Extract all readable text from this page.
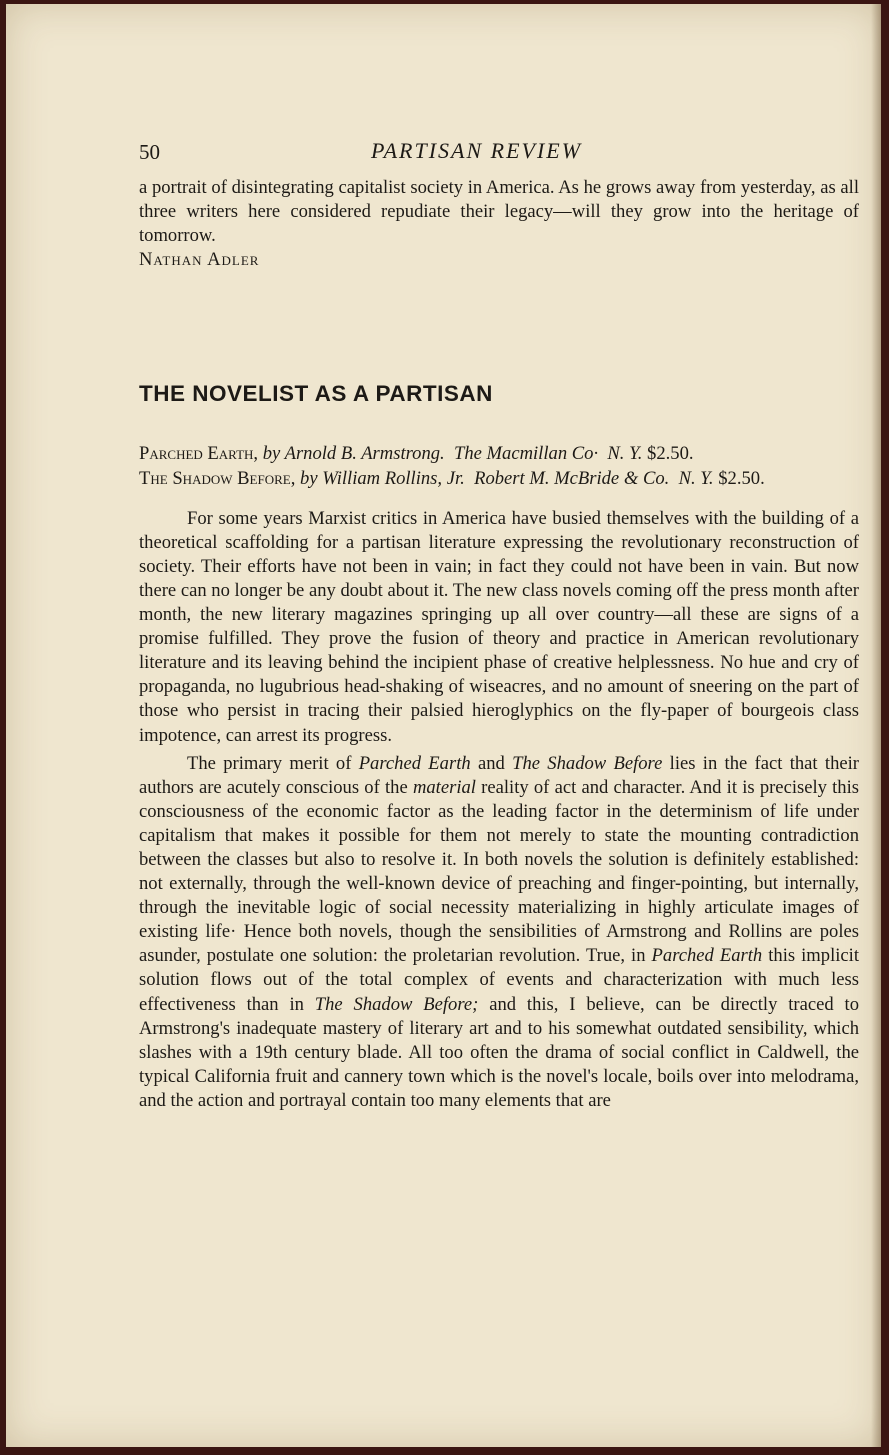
50	PARTISAN REVIEW

a portrait of disintegrating capitalist society in America. As he grows away from yesterday, as all three writers here considered repudiate their legacy—will they grow into the heritage of tomorrow.

Nathan Adler

THE NOVELIST AS A PARTISAN

Parched Earth, by Arnold B. Armstrong. The Macmillan Co· N. Y. $2.50.

The Shadow Before, by William Rollins, Jr. Robert M. McBride & Co. N. Y. $2.50.

For some years Marxist critics in America have busied themselves with the building of a theoretical scaffolding for a partisan literature expressing the revolutionary reconstruction of society. Their efforts have not been in vain; in fact they could not have been in vain. But now there can no longer be any doubt about it. The new class novels coming off the press month after month, the new literary magazines springing up all over country—all these are signs of a promise fulfilled. They prove the fusion of theory and practice in American revolutionary literature and its leaving behind the incipient phase of creative helplessness. No hue and cry of propaganda, no lugubrious head-shaking of wiseacres, and no amount of sneering on the part of those who persist in tracing their palsied hieroglyphics on the fly-paper of bourgeois class impotence, can arrest its progress.

The primary merit of Parched Earth and The Shadow Before lies in the fact that their authors are acutely conscious of the material reality of act and character. And it is precisely this consciousness of the economic factor as the leading factor in the determinism of life under capitalism that makes it possible for them not merely to state the mounting contradiction between the classes but also to resolve it. In both novels the solution is definitely established: not externally, through the well-known device of preaching and finger-pointing, but internally, through the inevitable logic of social necessity materializing in highly articulate images of existing life· Hence both novels, though the sensibilities of Armstrong and Rollins are poles asunder, postulate one solution: the proletarian revolution. True, in Parched Earth this implicit solution flows out of the total complex of events and characterization with much less effectiveness than in The Shadow Before; and this, I believe, can be directly traced to Armstrong's inadequate mastery of literary art and to his somewhat outdated sensibility, which slashes with a 19th century blade. All too often the drama of social conflict in Caldwell, the typical California fruit and cannery town which is the novel's locale, boils over into melodrama, and the action and portrayal contain too many elements that are
